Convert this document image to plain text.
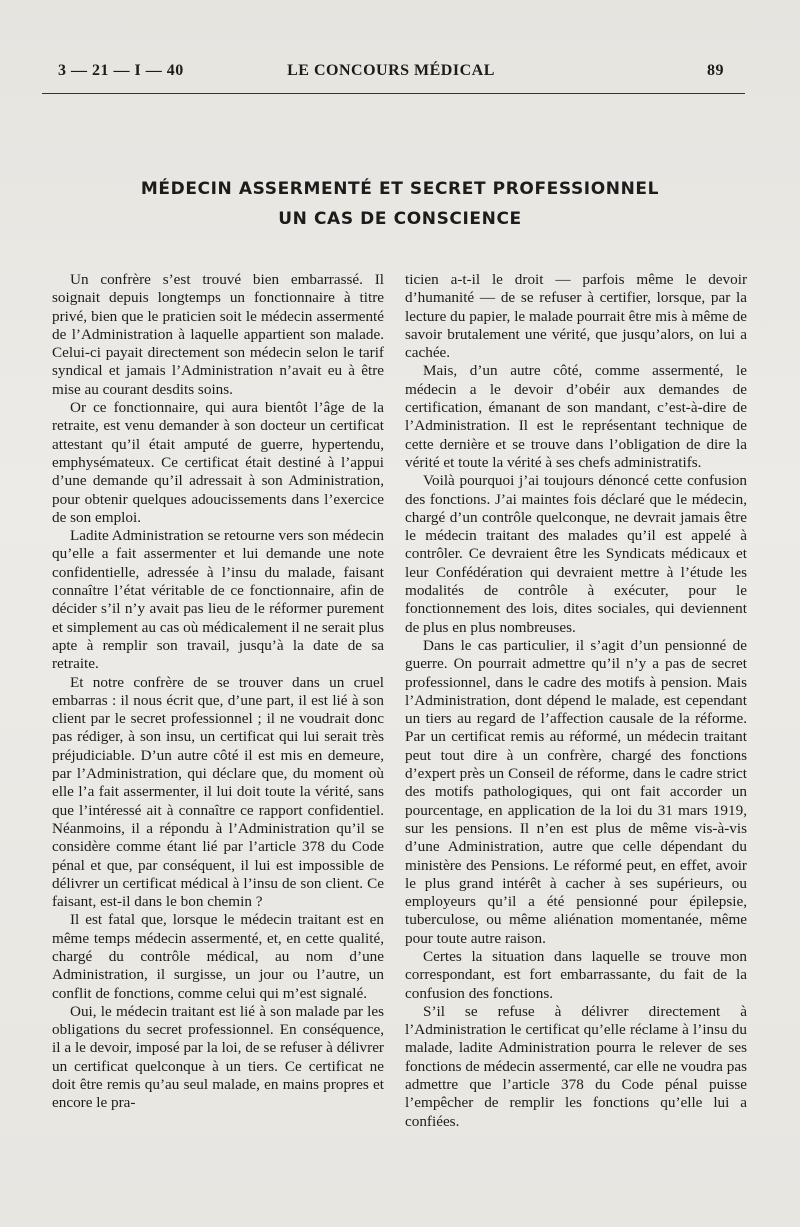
3 — 21 — I — 40	LE CONCOURS MÉDICAL	89
MÉDECIN ASSERMENTÉ ET SECRET PROFESSIONNEL
UN CAS DE CONSCIENCE

Un confrère s’est trouvé bien embarrassé. Il soignait depuis longtemps un fonctionnaire à titre privé, bien que le praticien soit le médecin assermenté de l’Administration à laquelle appartient son malade. Celui-ci payait directement son médecin selon le tarif syndical et jamais l’Administration n’avait eu à être mise au courant desdits soins.

Or ce fonctionnaire, qui aura bientôt l’âge de la retraite, est venu demander à son docteur un certificat attestant qu’il était amputé de guerre, hypertendu, emphysémateux. Ce certificat était destiné à l’appui d’une demande qu’il adressait à son Administration, pour obtenir quelques adoucissements dans l’exercice de son emploi.

Ladite Administration se retourne vers son médecin qu’elle a fait assermenter et lui demande une note confidentielle, adressée à l’insu du malade, faisant connaître l’état véritable de ce fonctionnaire, afin de décider s’il n’y avait pas lieu de le réformer purement et simplement au cas où médicalement il ne serait plus apte à remplir son travail, jusqu’à la date de sa retraite.

Et notre confrère de se trouver dans un cruel embarras : il nous écrit que, d’une part, il est lié à son client par le secret professionnel ; il ne voudrait donc pas rédiger, à son insu, un certificat qui lui serait très préjudiciable. D’un autre côté il est mis en demeure, par l’Administration, qui déclare que, du moment où elle l’a fait assermenter, il lui doit toute la vérité, sans que l’intéressé ait à connaître ce rapport confidentiel. Néanmoins, il a répondu à l’Administration qu’il se considère comme étant lié par l’article 378 du Code pénal et que, par conséquent, il lui est impossible de délivrer un certificat médical à l’insu de son client. Ce faisant, est-il dans le bon chemin ?

Il est fatal que, lorsque le médecin traitant est en même temps médecin assermenté, et, en cette qualité, chargé du contrôle médical, au nom d’une Administration, il surgisse, un jour ou l’autre, un conflit de fonctions, comme celui qui m’est signalé.

Oui, le médecin traitant est lié à son malade par les obligations du secret professionnel. En conséquence, il a le devoir, imposé par la loi, de se refuser à délivrer un certificat quelconque à un tiers. Ce certificat ne doit être remis qu’au seul malade, en mains propres et encore le pra-

ticien a-t-il le droit — parfois même le devoir d’humanité — de se refuser à certifier, lorsque, par la lecture du papier, le malade pourrait être mis à même de savoir brutalement une vérité, que jusqu’alors, on lui a cachée.

Mais, d’un autre côté, comme assermenté, le médecin a le devoir d’obéir aux demandes de certification, émanant de son mandant, c’est-à-dire de l’Administration. Il est le représentant technique de cette dernière et se trouve dans l’obligation de dire la vérité et toute la vérité à ses chefs administratifs.

Voilà pourquoi j’ai toujours dénoncé cette confusion des fonctions. J’ai maintes fois déclaré que le médecin, chargé d’un contrôle quelconque, ne devrait jamais être le médecin traitant des malades qu’il est appelé à contrôler. Ce devraient être les Syndicats médicaux et leur Confédération qui devraient mettre à l’étude les modalités de contrôle à exécuter, pour le fonctionnement des lois, dites sociales, qui deviennent de plus en plus nombreuses.

Dans le cas particulier, il s’agit d’un pensionné de guerre. On pourrait admettre qu’il n’y a pas de secret professionnel, dans le cadre des motifs à pension. Mais l’Administration, dont dépend le malade, est cependant un tiers au regard de l’affection causale de la réforme. Par un certificat remis au réformé, un médecin traitant peut tout dire à un confrère, chargé des fonctions d’expert près un Conseil de réforme, dans le cadre strict des motifs pathologiques, qui ont fait accorder un pourcentage, en application de la loi du 31 mars 1919, sur les pensions. Il n’en est plus de même vis-à-vis d’une Administration, autre que celle dépendant du ministère des Pensions. Le réformé peut, en effet, avoir le plus grand intérêt à cacher à ses supérieurs, ou employeurs qu’il a été pensionné pour épilepsie, tuberculose, ou même aliénation momentanée, même pour toute autre raison.

Certes la situation dans laquelle se trouve mon correspondant, est fort embarrassante, du fait de la confusion des fonctions.

S’il se refuse à délivrer directement à l’Administration le certificat qu’elle réclame à l’insu du malade, ladite Administration pourra le relever de ses fonctions de médecin assermenté, car elle ne voudra pas admettre que l’article 378 du Code pénal puisse l’empêcher de remplir les fonctions qu’elle lui a confiées.
